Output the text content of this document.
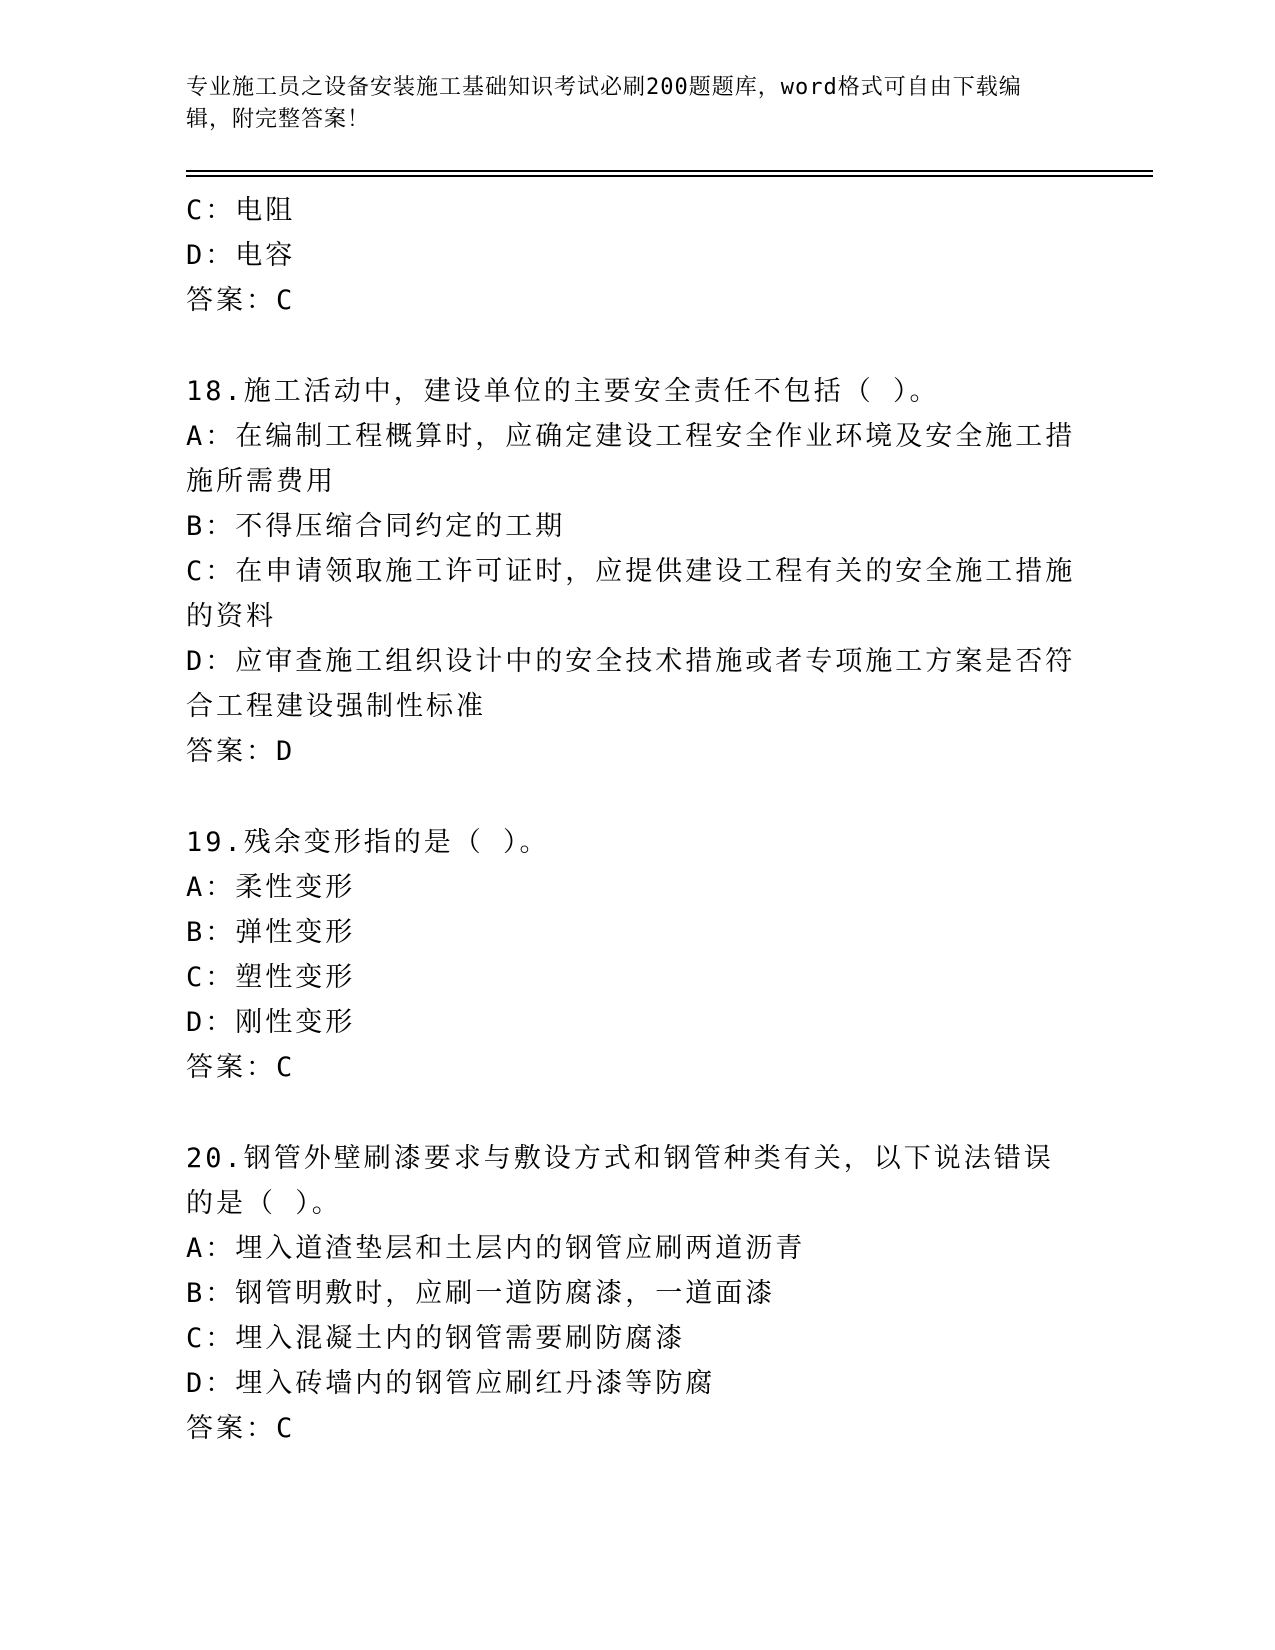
专业施工员之设备安装施工基础知识考试必刷200题题库，word格式可自由下载编辑，附完整答案！
C：电阻
D：电容
答案：C
18.施工活动中，建设单位的主要安全责任不包括（ ）。
A：在编制工程概算时，应确定建设工程安全作业环境及安全施工措施所需费用
B：不得压缩合同约定的工期
C：在申请领取施工许可证时，应提供建设工程有关的安全施工措施的资料
D：应审查施工组织设计中的安全技术措施或者专项施工方案是否符合工程建设强制性标准
答案：D
19.残余变形指的是（ ）。
A：柔性变形
B：弹性变形
C：塑性变形
D：刚性变形
答案：C
20.钢管外壁刷漆要求与敷设方式和钢管种类有关，以下说法错误的是（ ）。
A：埋入道渣垫层和土层内的钢管应刷两道沥青
B：钢管明敷时，应刷一道防腐漆，一道面漆
C：埋入混凝土内的钢管需要刷防腐漆
D：埋入砖墙内的钢管应刷红丹漆等防腐
答案：C
